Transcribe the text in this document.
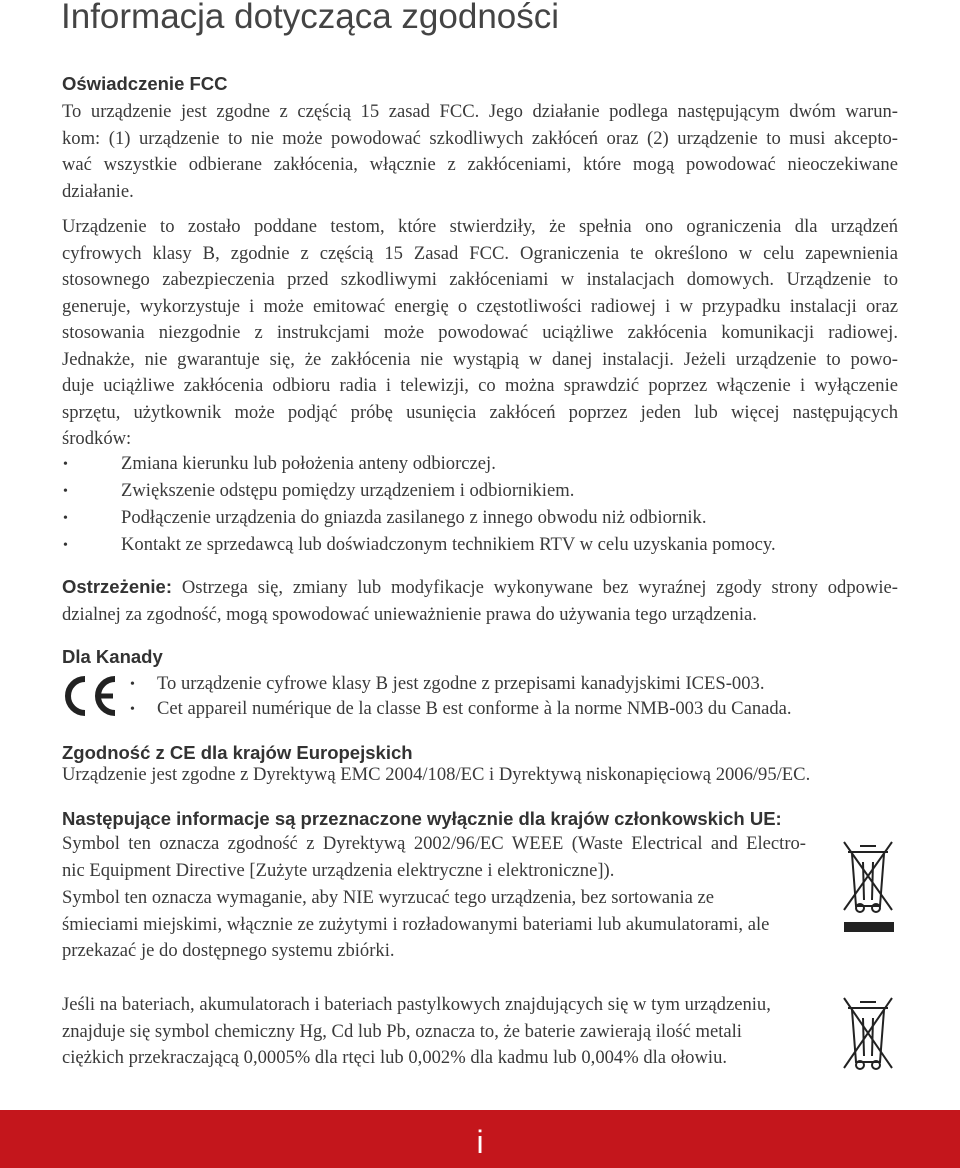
Informacja dotycząca zgodności
Oświadczenie FCC
To urządzenie jest zgodne z częścią 15 zasad FCC. Jego działanie podlega następującym dwóm warun-
kom: (1) urządzenie to nie może powodować szkodliwych zakłóceń oraz (2) urządzenie to musi akcepto-
wać wszystkie odbierane zakłócenia, włącznie z zakłóceniami, które mogą powodować nieoczekiwane
działanie.
Urządzenie to zostało poddane testom, które stwierdziły, że spełnia ono ograniczenia dla urządzeń
cyfrowych klasy B, zgodnie z częścią 15 Zasad FCC. Ograniczenia te określono w celu zapewnienia
stosownego zabezpieczenia przed szkodliwymi zakłóceniami w instalacjach domowych. Urządzenie to
generuje, wykorzystuje i może emitować energię o częstotliwości radiowej i w przypadku instalacji oraz
stosowania niezgodnie z instrukcjami może powodować uciążliwe zakłócenia komunikacji radiowej.
Jednakże, nie gwarantuje się, że zakłócenia nie wystąpią w danej instalacji. Jeżeli urządzenie to powo-
duje uciążliwe zakłócenia odbioru radia i telewizji, co można sprawdzić poprzez włączenie i wyłączenie
sprzętu, użytkownik może podjąć próbę usunięcia zakłóceń poprzez jeden lub więcej następujących
środków:
•	Zmiana kierunku lub położenia anteny odbiorczej.
•	Zwiększenie odstępu pomiędzy urządzeniem i odbiornikiem.
•	Podłączenie urządzenia do gniazda zasilanego z innego obwodu niż odbiornik.
•	Kontakt ze sprzedawcą lub doświadczonym technikiem RTV w celu uzyskania pomocy.
Ostrzeżenie: Ostrzega się, zmiany lub modyfikacje wykonywane bez wyraźnej zgody strony odpowie-
dzialnej za zgodność, mogą spowodować unieważnienie prawa do używania tego urządzenia.
Dla Kanady
• To urządzenie cyfrowe klasy B jest zgodne z przepisami kanadyjskimi ICES-003.
• Cet appareil numérique de la classe B est conforme à la norme NMB-003 du Canada.
Zgodność z CE dla krajów Europejskich
Urządzenie jest zgodne z Dyrektywą EMC 2004/108/EC i Dyrektywą niskonapięciową 2006/95/EC.
Następujące informacje są przeznaczone wyłącznie dla krajów członkowskich UE:
Symbol ten oznacza zgodność z Dyrektywą 2002/96/EC WEEE (Waste Electrical and Electro-
nic Equipment Directive [Zużyte urządzenia elektryczne i elektroniczne]).
Symbol ten oznacza wymaganie, aby NIE wyrzucać tego urządzenia, bez sortowania ze
śmieciami miejskimi, włącznie ze zużytymi i rozładowanymi bateriami lub akumulatorami, ale
przekazać je do dostępnego systemu zbiórki.
Jeśli na bateriach, akumulatorach i bateriach pastylkowych znajdujących się w tym urządzeniu,
znajduje się symbol chemiczny Hg, Cd lub Pb, oznacza to, że baterie zawierają ilość metali
ciężkich przekraczającą 0,0005% dla rtęci lub 0,002% dla kadmu lub 0,004% dla ołowiu.
i
